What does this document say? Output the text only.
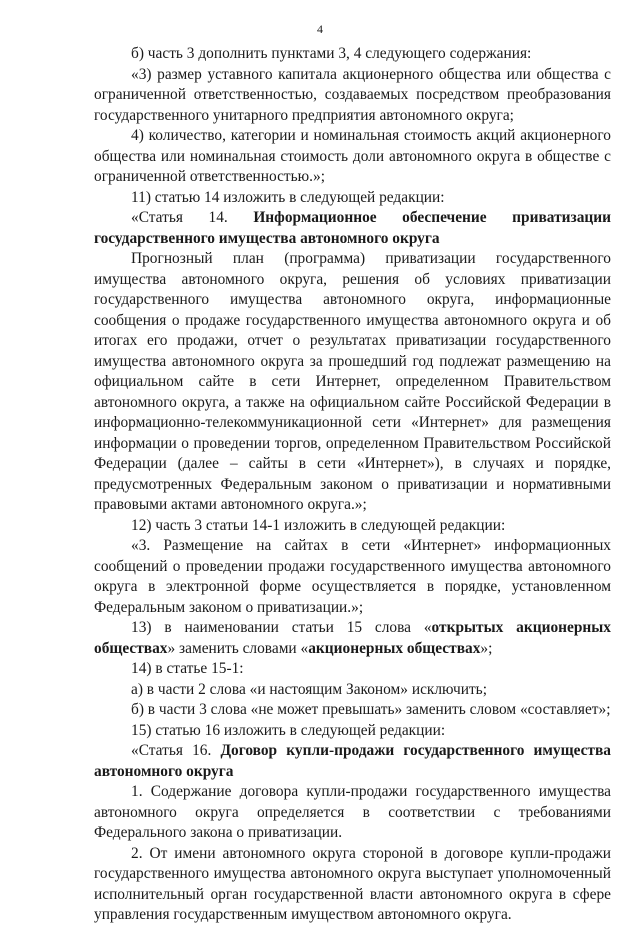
4

б) часть 3 дополнить пунктами 3, 4 следующего содержания:

«3) размер уставного капитала акционерного общества или общества с ограниченной ответственностью, создаваемых посредством преобразования государственного унитарного предприятия автономного округа;

4) количество, категории и номинальная стоимость акций акционерного общества или номинальная стоимость доли автономного округа в обществе с ограниченной ответственностью.»;

11) статью 14 изложить в следующей редакции:

«Статья 14. Информационное обеспечение приватизации государственного имущества автономного округа

Прогнозный план (программа) приватизации государственного имущества автономного округа, решения об условиях приватизации государственного имущества автономного округа, информационные сообщения о продаже государственного имущества автономного округа и об итогах его продажи, отчет о результатах приватизации государственного имущества автономного округа за прошедший год подлежат размещению на официальном сайте в сети Интернет, определенном Правительством автономного округа, а также на официальном сайте Российской Федерации в информационно-телекоммуникационной сети «Интернет» для размещения информации о проведении торгов, определенном Правительством Российской Федерации (далее – сайты в сети «Интернет»), в случаях и порядке, предусмотренных Федеральным законом о приватизации и нормативными правовыми актами автономного округа.»;

12) часть 3 статьи 14-1 изложить в следующей редакции:

«3. Размещение на сайтах в сети «Интернет» информационных сообщений о проведении продажи государственного имущества автономного округа в электронной форме осуществляется в порядке, установленном Федеральным законом о приватизации.»;

13) в наименовании статьи 15 слова «открытых акционерных обществах» заменить словами «акционерных обществах»;

14) в статье 15-1:

а) в части 2 слова «и настоящим Законом» исключить;

б) в части 3 слова «не может превышать» заменить словом «составляет»;

15) статью 16 изложить в следующей редакции:

«Статья 16. Договор купли-продажи государственного имущества автономного округа

1. Содержание договора купли-продажи государственного имущества автономного округа определяется в соответствии с требованиями Федерального закона о приватизации.

2. От имени автономного округа стороной в договоре купли-продажи государственного имущества автономного округа выступает уполномоченный исполнительный орган государственной власти автономного округа в сфере управления государственным имуществом автономного округа.
